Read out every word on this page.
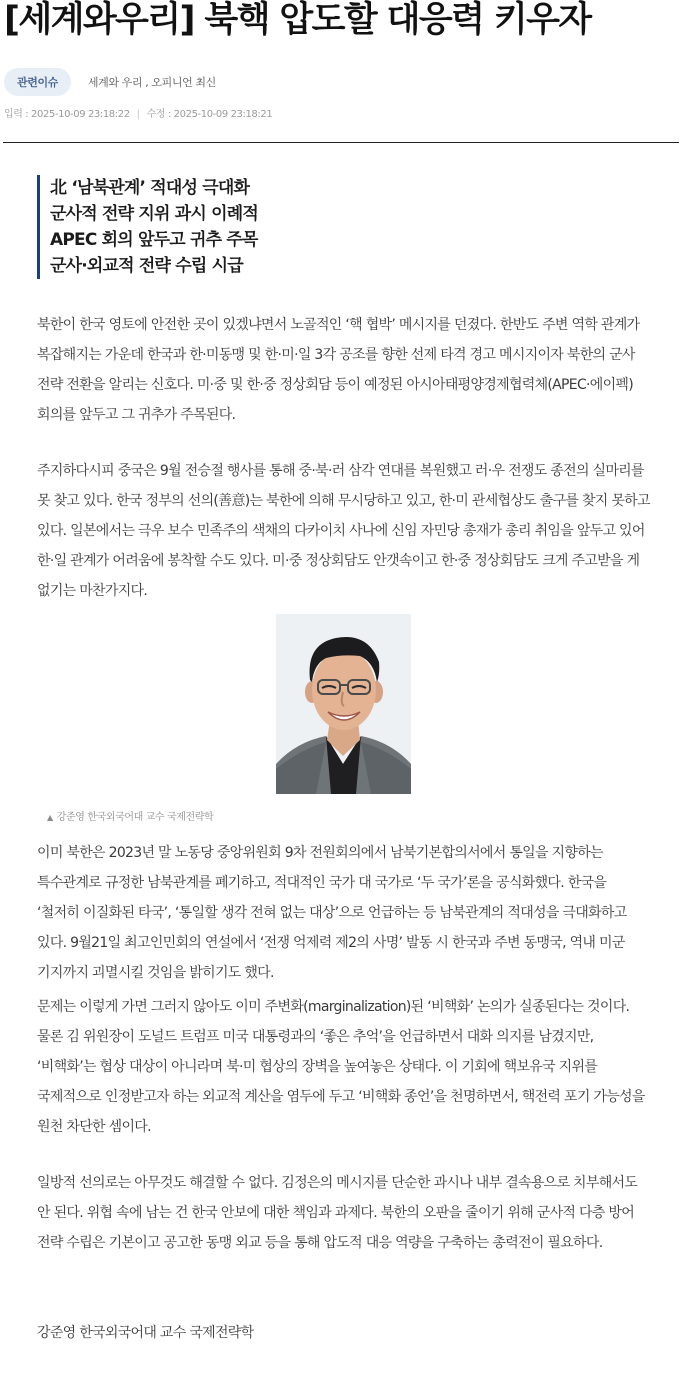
[세계와우리] 북핵 압도할 대응력 키우자
관련이슈	세계와 우리 , 오피니언 최신
입력 : 2025-10-09 23:18:22 | 수정 : 2025-10-09 23:18:21
北 ‘남북관계’ 적대성 극대화
군사적 전략 지위 과시 이례적
APEC 회의 앞두고 귀추 주목
군사·외교적 전략 수립 시급

북한이 한국 영토에 안전한 곳이 있겠냐면서 노골적인 ‘핵 협박’ 메시지를 던졌다. 한반도 주변 역학 관계가 복잡해지는 가운데 한국과 한·미동맹 및 한·미·일 3각 공조를 향한 선제 타격 경고 메시지이자 북한의 군사 전략 전환을 알리는 신호다. 미·중 및 한·중 정상회담 등이 예정된 아시아태평양경제협력체(APEC·에이펙) 회의를 앞두고 그 귀추가 주목된다.

주지하다시피 중국은 9월 전승절 행사를 통해 중·북·러 삼각 연대를 복원했고 러·우 전쟁도 종전의 실마리를 못 찾고 있다. 한국 정부의 선의(善意)는 북한에 의해 무시당하고 있고, 한·미 관세협상도 출구를 찾지 못하고 있다. 일본에서는 극우 보수 민족주의 색채의 다카이치 사나에 신임 자민당 총재가 총리 취임을 앞두고 있어 한·일 관계가 어려움에 봉착할 수도 있다. 미·중 정상회담도 안갯속이고 한·중 정상회담도 크게 주고받을 게 없기는 마찬가지다.

▲ 강준영 한국외국어대 교수 국제전략학

이미 북한은 2023년 말 노동당 중앙위원회 9차 전원회의에서 남북기본합의서에서 통일을 지향하는 특수관계로 규정한 남북관계를 폐기하고, 적대적인 국가 대 국가로 ‘두 국가’론을 공식화했다. 한국을 ‘철저히 이질화된 타국’, ‘통일할 생각 전혀 없는 대상’으로 언급하는 등 남북관계의 적대성을 극대화하고 있다. 9월21일 최고인민회의 연설에서 ‘전쟁 억제력 제2의 사명’ 발동 시 한국과 주변 동맹국, 역내 미군 기지까지 괴멸시킬 것임을 밝히기도 했다.

문제는 이렇게 가면 그러지 않아도 이미 주변화(marginalization)된 ‘비핵화’ 논의가 실종된다는 것이다. 물론 김 위원장이 도널드 트럼프 미국 대통령과의 ‘좋은 추억’을 언급하면서 대화 의지를 남겼지만, ‘비핵화’는 협상 대상이 아니라며 북·미 협상의 장벽을 높여놓은 상태다. 이 기회에 핵보유국 지위를 국제적으로 인정받고자 하는 외교적 계산을 염두에 두고 ‘비핵화 종언’을 천명하면서, 핵전력 포기 가능성을 원천 차단한 셈이다.

일방적 선의로는 아무것도 해결할 수 없다. 김정은의 메시지를 단순한 과시나 내부 결속용으로 치부해서도 안 된다. 위협 속에 남는 건 한국 안보에 대한 책임과 과제다. 북한의 오판을 줄이기 위해 군사적 다층 방어 전략 수립은 기본이고 공고한 동맹 외교 등을 통해 압도적 대응 역량을 구축하는 총력전이 필요하다.

강준영 한국외국어대 교수 국제전략학
